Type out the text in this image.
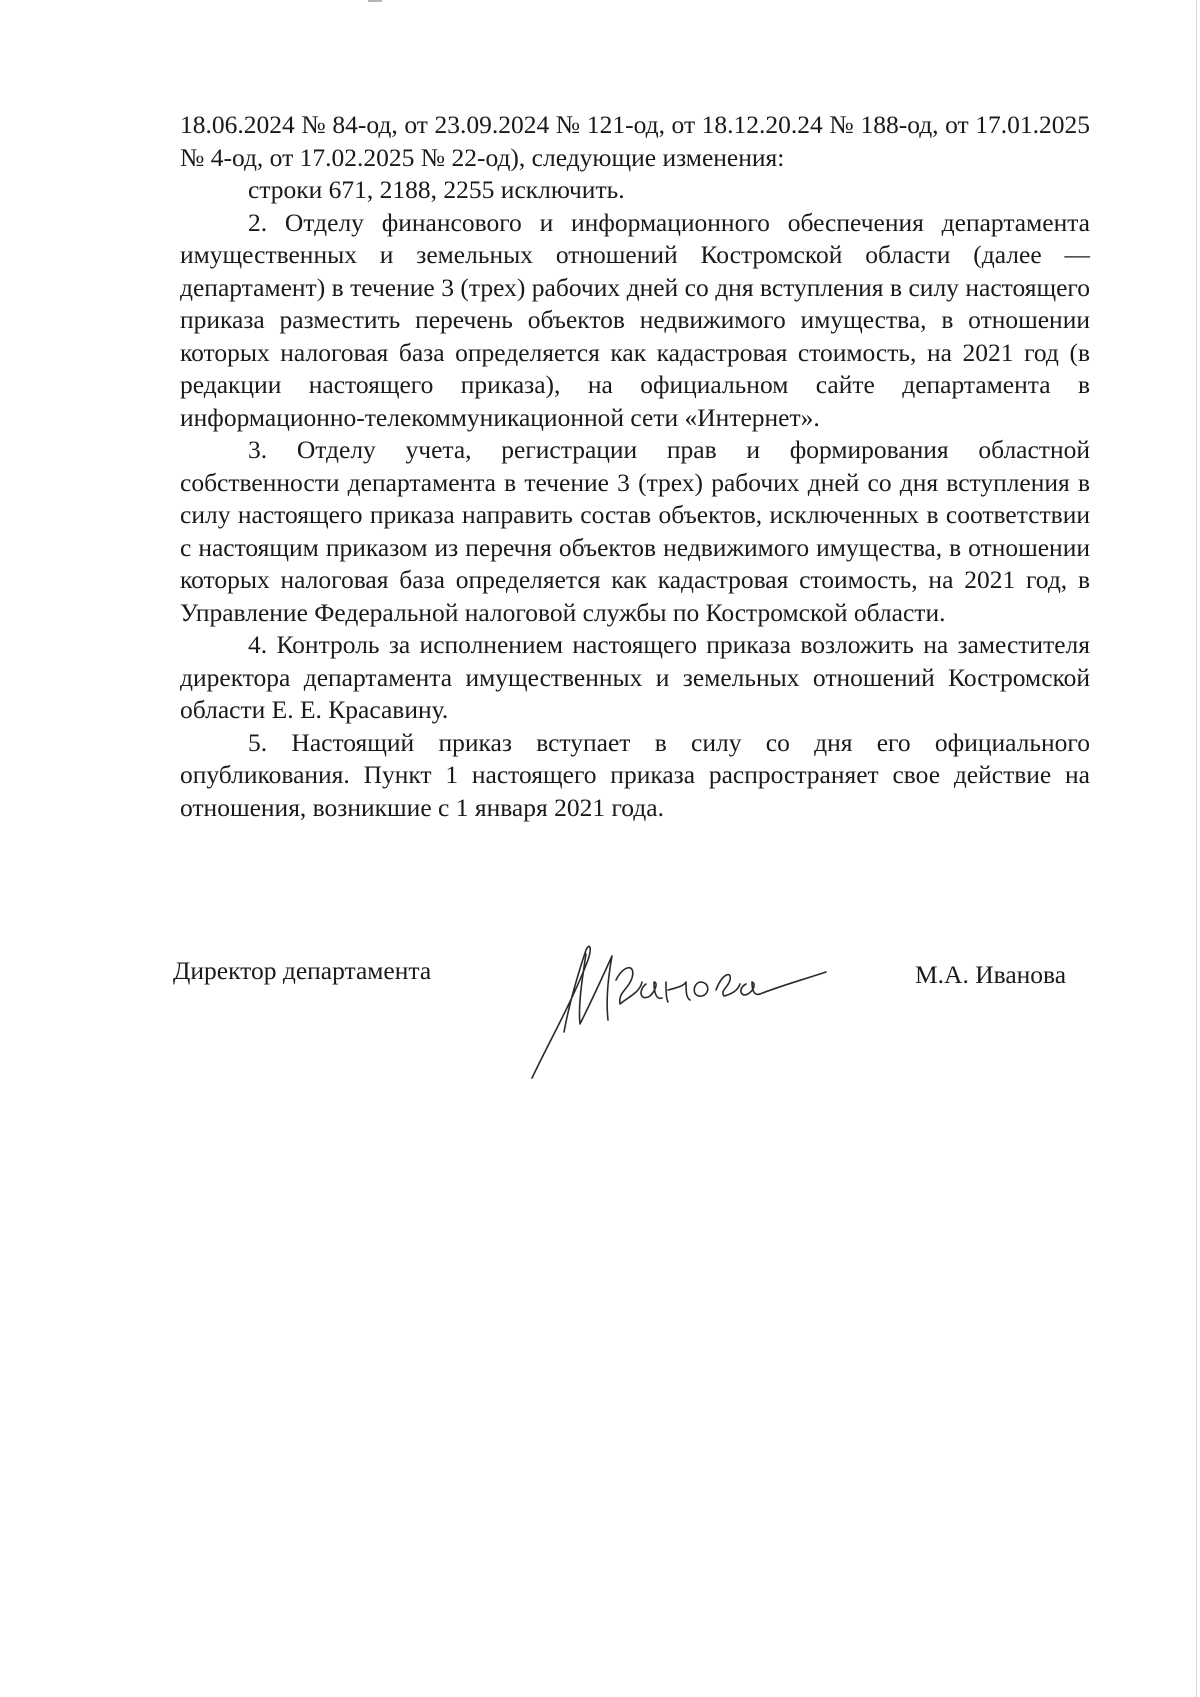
18.06.2024 № 84-од, от 23.09.2024 № 121-од, от 18.12.20.24 № 188-од, от 17.01.2025 № 4-од, от 17.02.2025 № 22-од), следующие изменения:

строки 671, 2188, 2255 исключить.

2. Отделу финансового и информационного обеспечения департамента имущественных и земельных отношений Костромской области (далее — департамент) в течение 3 (трех) рабочих дней со дня вступления в силу настоящего приказа разместить перечень объектов недвижимого имущества, в отношении которых налоговая база определяется как кадастровая стоимость, на 2021 год (в редакции настоящего приказа), на официальном сайте департамента в информационно-телекоммуникационной сети «Интернет».

3. Отделу учета, регистрации прав и формирования областной собственности департамента в течение 3 (трех) рабочих дней со дня вступления в силу настоящего приказа направить состав объектов, исключенных в соответствии с настоящим приказом из перечня объектов недвижимого имущества, в отношении которых налоговая база определяется как кадастровая стоимость, на 2021 год, в Управление Федеральной налоговой службы по Костромской области.

4. Контроль за исполнением настоящего приказа возложить на заместителя директора департамента имущественных и земельных отношений Костромской области Е. Е. Красавину.

5. Настоящий приказ вступает в силу со дня его официального опубликования. Пункт 1 настоящего приказа распространяет свое действие на отношения, возникшие с 1 января 2021 года.

Директор департамента	М.А. Иванова
